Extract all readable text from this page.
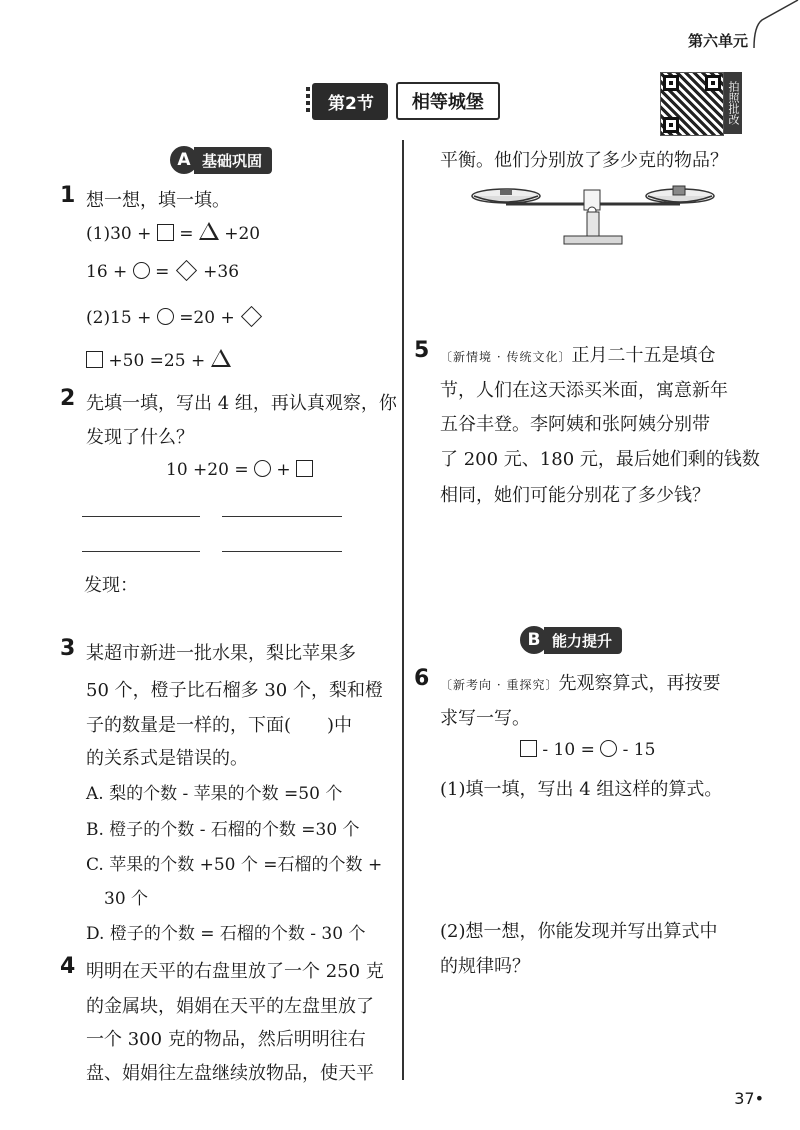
第六单元
第2节	相等城堡	拍照批改
A 基础巩固
1 想一想，填一填。
(1)30 + = +20
16 + = +36
(2)15 + =20 +
+50 =25 +
2 先填一填，写出 4 组，再认真观察，你
发现了什么？
10 +20 = +
发现：
3 某超市新进一批水果，梨比苹果多
50 个，橙子比石榴多 30 个，梨和橙
子的数量是一样的，下面(　　)中
的关系式是错误的。
A. 梨的个数 - 苹果的个数 =50 个
B. 橙子的个数 - 石榴的个数 =30 个
C. 苹果的个数 +50 个 =石榴的个数 +
30 个
D. 橙子的个数 = 石榴的个数 - 30 个
4 明明在天平的右盘里放了一个 250 克
的金属块，娟娟在天平的左盘里放了
一个 300 克的物品，然后明明往右
盘、娟娟往左盘继续放物品，使天平
平衡。他们分别放了多少克的物品？
5 〔新情境 · 传统文化〕正月二十五是填仓
节，人们在这天添买米面，寓意新年
五谷丰登。李阿姨和张阿姨分别带
了 200 元、180 元，最后她们剩的钱数
相同，她们可能分别花了多少钱？
B 能力提升
6 〔新考向 · 重探究〕先观察算式，再按要
求写一写。
- 10 = - 15
(1)填一填，写出 4 组这样的算式。
(2)想一想，你能发现并写出算式中
的规律吗？
37•
